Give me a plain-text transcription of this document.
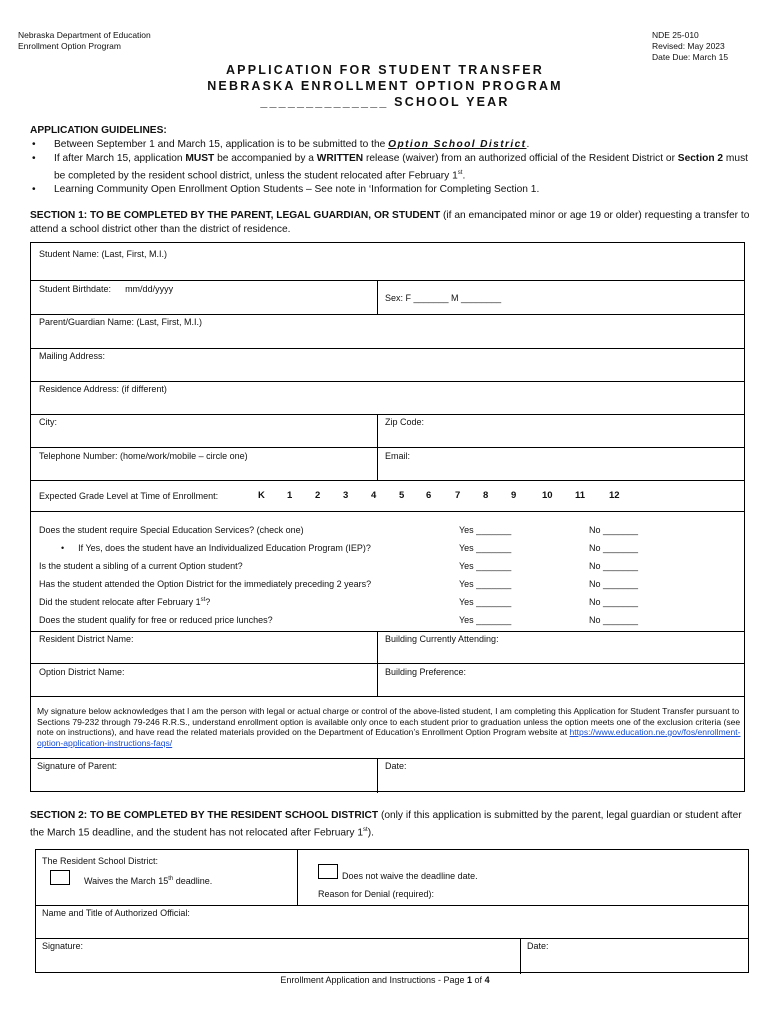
Nebraska Department of Education
Enrollment Option Program
NDE 25-010
Revised: May 2023
Date Due: March 15
APPLICATION FOR STUDENT TRANSFER
NEBRASKA ENROLLMENT OPTION PROGRAM
______________ SCHOOL YEAR
APPLICATION GUIDELINES:
• Between September 1 and March 15, application is to be submitted to the Option School District.
• If after March 15, application MUST be accompanied by a WRITTEN release (waiver) from an authorized official of the Resident District or Section 2 must be completed by the resident school district, unless the student relocated after February 1st.
• Learning Community Open Enrollment Option Students – See note in ‘Information for Completing Section 1.
SECTION 1: TO BE COMPLETED BY THE PARENT, LEGAL GUARDIAN, OR STUDENT (if an emancipated minor or age 19 or older) requesting a transfer to attend a school district other than the district of residence.
Student Name: (Last, First, M.I.)
Student Birthdate: mm/dd/yyyy
Sex: F _______ M ________
Parent/Guardian Name: (Last, First, M.I.)
Mailing Address:
Residence Address: (if different)
City:	Zip Code:
Telephone Number: (home/work/mobile – circle one)	Email:
Expected Grade Level at Time of Enrollment:	K 1 2 3 4 5 6 7 8 9	10 11	12
Does the student require Special Education Services? (check one)	Yes _______	No _______
• If Yes, does the student have an Individualized Education Program (IEP)?	Yes _______	No _______
Is the student a sibling of a current Option student?	Yes _______	No _______
Has the student attended the Option District for the immediately preceding 2 years?	Yes _______	No _______
Did the student relocate after February 1st?	Yes _______	No _______
Does the student qualify for free or reduced price lunches?	Yes _______	No _______
Resident District Name:	Building Currently Attending:
Option District Name:	Building Preference:
My signature below acknowledges that I am the person with legal or actual charge or control of the above-listed student, I am completing this Application for Student Transfer pursuant to Sections 79-232 through 79-246 R.R.S., understand enrollment option is available only once to each student prior to graduation unless the option meets one of the exclusion criteria (see note on instructions), and have read the related materials provided on the Department of Education’s Enrollment Option Program website at https://www.education.ne.gov/fos/enrollment-option-application-instructions-faqs/
Signature of Parent:	Date:
SECTION 2: TO BE COMPLETED BY THE RESIDENT SCHOOL DISTRICT (only if this application is submitted by the parent, legal guardian or student after the March 15 deadline, and the student has not relocated after February 1st).
The Resident School District:
Waives the March 15th deadline.	Does not waive the deadline date.
Reason for Denial (required):
Name and Title of Authorized Official:
Signature:	Date:
Enrollment Application and Instructions - Page 1 of 4
